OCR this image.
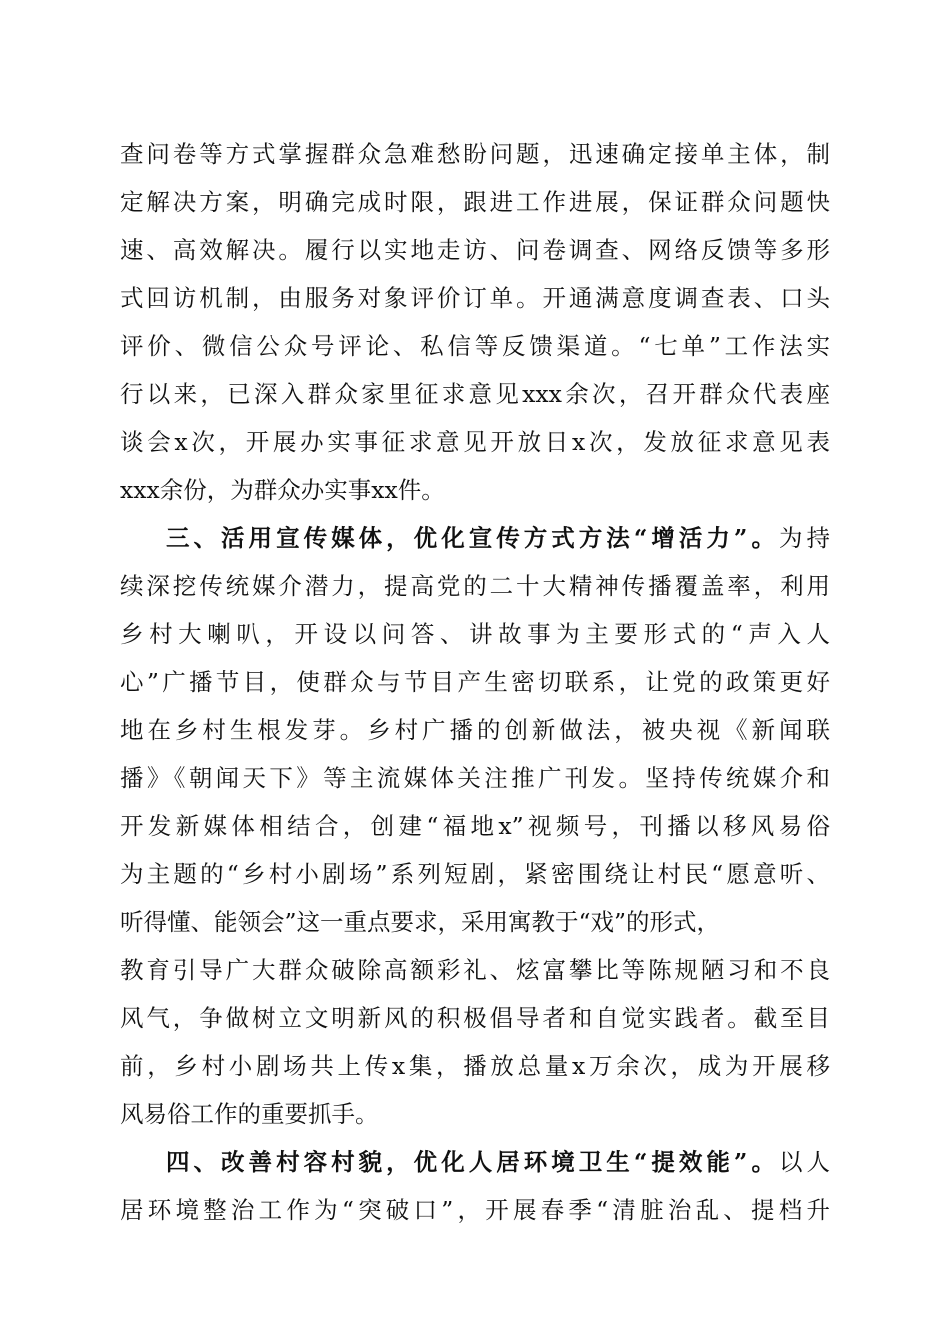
查问卷等方式掌握群众急难愁盼问题，迅速确定接单主体，制
定解决方案，明确完成时限，跟进工作进展，保证群众问题快
速、高效解决。履行以实地走访、问卷调查、网络反馈等多形
式回访机制，由服务对象评价订单。开通满意度调查表、口头
评价、微信公众号评论、私信等反馈渠道。“七单”工作法实
行以来，已深入群众家里征求意见xxx余次，召开群众代表座
谈会x次，开展办实事征求意见开放日x次，发放征求意见表
xxx余份，为群众办实事xx件。
三、活用宣传媒体，优化宣传方式方法“增活力”。为持
续深挖传统媒介潜力，提高党的二十大精神传播覆盖率，利用
乡村大喇叭，开设以问答、讲故事为主要形式的“声入人
心”广播节目，使群众与节目产生密切联系，让党的政策更好
地在乡村生根发芽。乡村广播的创新做法，被央视《新闻联
播》《朝闻天下》等主流媒体关注推广刊发。坚持传统媒介和
开发新媒体相结合，创建“福地x”视频号，刊播以移风易俗
为主题的“乡村小剧场”系列短剧，紧密围绕让村民“愿意听、
听得懂、能领会”这一重点要求，采用寓教于“戏”的形式，
教育引导广大群众破除高额彩礼、炫富攀比等陈规陋习和不良
风气，争做树立文明新风的积极倡导者和自觉实践者。截至目
前，乡村小剧场共上传x集，播放总量x万余次，成为开展移
风易俗工作的重要抓手。
四、改善村容村貌，优化人居环境卫生“提效能”。以人
居环境整治工作为“突破口”，开展春季“清脏治乱、提档升
